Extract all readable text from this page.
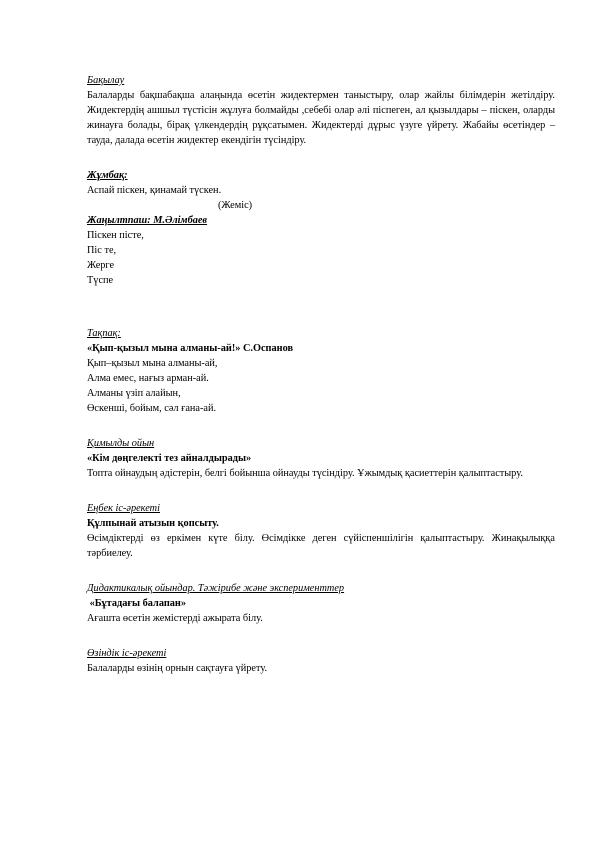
Бақылау

Балаларды бақшабақша алаңында өсетін жидектермен таныстыру, олар жайлы білімдерін жетілдіру. Жидектердің ашшыл түстісін жұлуға болмайды ,себебі олар әлі піспеген, ал қызылдары – піскен, оларды жинауға болады, бірақ үлкендердің рұқсатымен. Жидектерді дұрыс үзуге үйрету. Жабайы өсетіндер – тауда, далада өсетін жидектер екендігін түсіндіру.

Жұмбақ:

Аспай піскен, қинамай түскен.

(Жеміс)

Жаңылтпаш: М.Әлімбаев

Піскен пісте,

Піс те,

Жерге

Түспе

Тақпақ:

«Қып-қызыл мына алманы-ай!» С.Оспанов

Қып–қызыл мына алманы-ай,

Алма емес, нағыз арман-ай.

Алманы үзіп алайын,

Өскенші, бойым, сәл ғана-ай.

Қимылды ойын

«Кім дөңгелекті тез айналдырады»

Топта ойнаудың әдістерін, белгі бойынша ойнауды түсіндіру. Ұжымдық қасиеттерін қалыптастыру.

Еңбек іс-әрекеті

Құлпынай атызын қопсыту.

Өсімдіктерді өз еркімен күте білу. Өсімдікке деген сүйіспеншілігін қалыптастыру. Жинақылыққа тәрбиелеу.

Дидактикалық ойындар. Тәжірибе және эксперименттер

«Бұтадағы балапан»

Ағашта өсетін жемістерді ажырата білу.

Өзіндік іс-әрекеті

Балаларды өзінің орнын сақтауға үйрету.
